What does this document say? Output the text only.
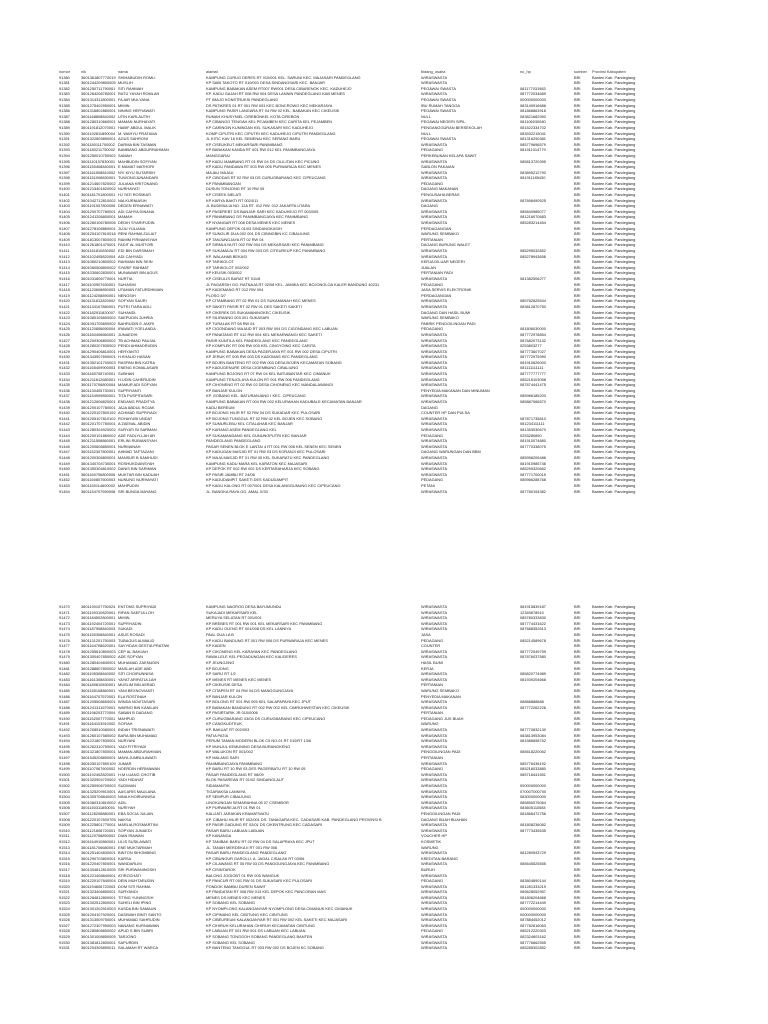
nomor	nik	nama	alamat	bidang_usaha	no_hp	sumber	Provinsi Kabupaten
91380	3601361807770019	SHIHABUDIN ROMLI	KAMPUNG CURUG DERES RT 010/001 KEL. SARUNI KEC. MAJASARI PANDEGLANG	WIRASWASTA		BRI	Banten Kab. Pandeglang
91381	3601244209800005	MUSLIH	KP SABI TAKOTO RT 010/001 DESA SINDANGSARI KEC. BANJAR	WIRASWASTA		BRI	Banten Kab. Pandeglang
91382	3601250711790001	SITI RAHMAH	KAMPUNG BABAKAN ASEM RT007 RW001 DESA CIBARENOK KEC. KADUHEJO	PEGAWAI SWASTA	081177031983	BRI	Banten Kab. Pandeglang
91383	3601264206780001	RATU YAYAH ROMLAH	KP. KADU GAJAH RT 008 RW 004 DESA LANNIN PANDEGLANG KAB MENES	WIRASWASTA	087772034689	BRI	Banten Kab. Pandeglang
91384	3601314311800001	FAJAR MULYANA	PT IMAJO KONSTRUKSI PANDEGLANG	PEGAWAI SWASTA	000000000000	BRI	Banten Kab. Pandeglang
91385	3601275402950001	MIMIN	DS PATIKRES 01 RT 001 RW 003 KEC BONCROWO KEC MEKARJAYA	IBU RUMAH TANGGA	083149916686	BRI	Banten Kab. Pandeglang
91386	3601316802880001	NINING HERYAWATI	KAMPUNG PASIR LANGARA RT 04 RW 02 KEL. BABAKAN KEC CIKEUSIK	PEGAWAI SWASTA	081868863918	BRI	Banten Kab. Pandeglang
91387	3601168808840002	UTIN KARLAUTIH	RUMAH KHUSYNIEL CIREBONKEL KOTA CIREBON	NULL	083821682950	BRI	Banten Kab. Pandeglang
91388	3601280310660001	MAMAN NURHAYATI	KP CIBANGO TENGAH KEL PEJAMBEN KEC CARITA KEL PEJAMBEN	PEGAWAI NEGERI SIPIL	081106030080	BRI	Banten Kab. Pandeglang
91389	3601191812070001	HABIF ABDUL MALIK	KP CARINGIN KUNINGAN KEL SUKASARI KEC KADUHEJO	PENGANGGURAN BERSEKOLAH	081522334702	BRI	Banten Kab. Pandeglang
91390	3601192811890004	M. WAHYU PRATAMA	KOMP CIPUTRI KEC CIPUTRI KEC KADUHEJO CIPUTRI PANDEGLANG	NULL	083932215041	BRI	Banten Kab. Pandeglang
91391	3601322809890001	AGUS SAHRONI	JL KITIC KAV 16 KEL SEMENAI KEC SERANG BARU	PEGAWAI SWASTA	081316290381	BRI	Banten Kab. Pandeglang
91392	3601180111700002	DARMA BIN TASMAN	KP CISEUKEUT MEKARSARI PANIMBANG	WIRASWASTA	085779696579	BRI	Banten Kab. Pandeglang
91393	3601180211750002	BAMBANG ABDURRAHMAN	KP BABAKAN KANDA RT 001 RW 012 KEL PANIMBANGJAYA	PEDAGANG	081911014779	BRI	Banten Kab. Pandeglang
91394	3601250010750002	SAMAH	MANGGARAI	PERKEBUNAN KELAPA SAWIT		BRI	Banten Kab. Pandeglang
91395	3601110107830001	MAHBUDIN SOFIYAN	KP KADU MAMBANG RT 01 RW 04 DS CILILITAN KEC PICUNG	WIRASWASTA	085813720395	BRI	Banten Kab. Pandeglang
91396	3601150408840001	E MAMAT MATHORI	KP KADU PANDAWA RT 003 RW 005 PURWARAJA KEC MENES	SABLON PAKAIAN		BRI	Banten Kab. Pandeglang
91397	3601161508810002	NYI KIYU SUTARSIH	MAJAU MAJAU	WIRASWASTA	083895212790	BRI	Banten Kab. Pandeglang
91398	3601151008830001	TUWONGJUNANDARI	KP CIBODAS RT 02 RW 03 DS CURUGBARANG KEC CIPEUCANG	WIRASWASTA	081911185430	BRI	Banten Kab. Pandeglang
91399	3601214607820002	JULIANA KRITONANG	KP PANIMBANGAN	PEDAGANG		BRI	Banten Kab. Pandeglang
91400	3601215401820002	NURHAYATI	DUSUN TONJONG RT 10 RW 05	DAGANG MAKANAN		BRI	Banten Kab. Pandeglang
91401	3601181701800001	HJ TATI ROSMIATI	KP CISEEK MELATI	PENGUSAHA BERAS		BRI	Banten Kab. Pandeglang
91402	3601042712810002	NIA KURNIASIH	KP KARYA BAKTI RT 002/011	WIRASWASTA	087898490525	BRI	Banten Kab. Pandeglang
91403	3601191007800006	DEDEN ERNAWATI	JL BUDIMULIA NO. 12A RT. 012 RW. 012 JAKARTA UTARA	DAGANG		BRI	Banten Kab. Pandeglang
91404	3601200707780001	ADI CAHYA DINANA	KP PASEREBT DS BANJAR SARI KEC KADUHEJO RT 003/005	WIRASWASTA	085840985077	BRI	Banten Kab. Pandeglang
91405	3601241206800001	MAMAH	KP PANIMBANG DS PANIMBANGJAYA KEC PANIMBANG	WIRASWASTA	081216070683	BRI	Banten Kab. Pandeglang
91406	3601260106780006	DEDIH SYARIFUDIN	KP NYANGAR RT 008 DESA MENES KEC MENES	WIRASWASTA	085283214454	BRI	Banten Kab. Pandeglang
91407	3601278106860001	JUJU YULIANA	KAMPUNG DEPOK 01/03 SINDANGKASIH	PERDAGANGAN		BRI	Banten Kab. Pandeglang
91408	3601204107810018	RENI RAHMA ZULAIT	KP SUNGLIR DUA 002 001 DS CIBINGBIN KC CIBALIUNG	WARUNG SEMBAKO		BRI	Banten Kab. Pandeglang
91409	3601813007800003	RAMIM FIRMANSYAH	KP TANJUNGJAYA RT 02 RW 04	PERTANIAN		BRI	Banten Kab. Pandeglang
91410	3601261801470001	FADIT AL MUSTORI	KP SIRMULYA RT 002 RW 004 DS MEKARSARI KEC PANIMBANG	DAGANG BURUNG WALET		BRI	Banten Kab. Pandeglang
91411	3601161810830002	EDI BIN DARSIMAH	KP SUKAMAJU RT 004 RW 003 DS CITEUREUP KEC PANIMBANG	WIRASWASTA	085295032852	BRI	Banten Kab. Pandeglang
91412	3601102405820004	ADI CAHYADI	KP. WALAHAB BEKASI	WIRASWASTA	085278943656	BRI	Banten Kab. Pandeglang
91413	3601060210800002	RAHMAN BIN SEIN	KP TARIKOLOT	KERJA DILUAR NEGERI		BRI	Banten Kab. Pandeglang
91414	3601060506800002	SYARIF RAHMAT	KP TARIKOLOT 002/002	JUALAN		BRI	Banten Kab. Pandeglang
91415	3601030602830001	MUNAWAR BIN AGUS	KP KEUSIK 003/002	PERTANIAN PADI		BRI	Banten Kab. Pandeglang
91416	3601031806770001	NURTIA	KP CISEULIS BARAT RT 011/8	WIRASWASTA	081382506277	BRI	Banten Kab. Pandeglang
91417	3601100907630001	SUHASIM	JL PAGARSIH GG. RATNAJA RT 02/08 KEL. JAMIKA KEC BOJONGLOA KALER BANDUNG 40231	PEDAGANG		BRI	Banten Kab. Pandeglang
91418	3601120608850003	UTAMAN FATURDHIMAN	KP KADEMANG RT 012 RW 004	JASA SERVIS ELEKTRONIK		BRI	Banten Kab. Pandeglang
91419	3601124208890001	NENGSIH	PLOSO 3/7	PERDAGANGAN		BRI	Banten Kab. Pandeglang
91420	3601131812820002	SOFYAN SAURI	KP CITAMBANG RT 02 RW 01 DS SUKAMANAH KEC MENES	WIRASWASTA	085782825544	BRI	Banten Kab. Pandeglang
91421	3601134107880001	PUTRI TIARA ADLI	KP SAKETI PASIR RT 02 RW 01 DES SAKETI SAKETI	WIRASWASTA	083812870750	BRI	Banten Kab. Pandeglang
91422	3601182911820007	SUHANDI	KP CIKEREK DS SUKAMANINGKEC CIKEUSIK	DAGANG DAN HASIL BUMI		BRI	Banten Kab. Pandeglang
91423	3601060105800002	SAEPUDIN JUHRIA	KP SILIRANNG 003 001 SUKASARI	WARUNG SEMBAKO		BRI	Banten Kab. Pandeglang
91424	3601091705690002	BAHRUDIN E.JAKRI	KP TURALAK RT 08 RW 04	PABRIK PENGGILINGAN PADI		BRI	Banten Kab. Pandeglang
91425	3601120806690004	IRAWATI YOELANDA	KP CIGONDANG MAJAID RT 003 RW 004 DS CIGONDANG KEC LABUAN	PEDAGANG	081806030000	BRI	Banten Kab. Pandeglang
91426	3601160406660001	JUNAEDHI	KP PANATANG RT 012 RW 004 KEL MEKARWANGI KEC SAKETI	WIRASWASTA	087772978854	BRI	Banten Kab. Pandeglang
91427	3601200306800002	TB ACHMAD PAUJAL	PASIR KUNTILA KEL PANDEGLANG KEC PANDEGLANG	WIRASWASTA	087682073132	BRI	Banten Kab. Pandeglang
91428	3601280207830002	PENDI AHMADRUDIN	KP KOMPLEK RT 006 RW 003 KEL CINGYOING KEC CARITA	WIRASWASTA	0253803277	BRI	Banten Kab. Pandeglang
91429	3601290406810001	HERYANTO	KAMPUNG BABAKAN DESA PAGERJAYA RT 001 RW 002 DESA CIPUTRI	WIRASWASTA	087773607027	BRI	Banten Kab. Pandeglang
91430	3601343507690001	H.KHALID HASAN	KP JERUK RT 005 RW 003 DS KADOMAS KEC PANDEGLANG	WIRASWASTA	087772975990	BRI	Banten Kab. Pandeglang
91431	3601352101700003	RASPAN BIN KATRA	KP BOJEN BANTENG RT 002 RW 003 DESA BOJEN KECAMATAN SOBANG	WIRASWASTA	081910626000	BRI	Banten Kab. Pandeglang
91432	3601165409900003	ENENG KOMALASARI	KP KADUGENURE DESA CIGEMBUNG CIBALIUNG	WIRASWASTA	081111111111	BRI	Banten Kab. Pandeglang
91433	3601160708740001	SUBHAN	KAMPUNG BOJONG RT 07 RW 04 KEL BATUBANTAR KEC CIMANUK	WIRASWASTA	087777777777	BRI	Banten Kab. Pandeglang
91434	3601211612680001	H.UDIN CAHERUDIN	KAMPUNG TENJOLAYA KULON RT 001 RW 006 PANDEGLANG	WIRASWASTA	085216103058	BRI	Banten Kab. Pandeglang
91435	3601170706800004	MAMUR ADI SOFYAN	KP CIHONENG RT 02 RW 02 DESA CIHONENG KEC MANDALAWANGI	WIRASWASTA	087874441475	BRI	Banten Kab. Pandeglang
91436	3601130405730001	SUPRIYANTI	KP BANJAR KULON	PENYEDIA MAKANAN DAN MINUMAN		BRI	Banten Kab. Pandeglang
91437	3601154909850001	TITA PUSPITASARI	KP. GOBANG KEL. BATURANJANG I KEC. CIPEUCANG	WIRASWASTA	085966185200	BRI	Banten Kab. Pandeglang
91438	3601212606820001	ENDANG PRADITYA	KAMPUNG BABAKAN RT 004 RW 002 KELURAHAN KADUBALE KECAMATAN BANJAR	WIRASWASTA	085887066570	BRI	Banten Kab. Pandeglang
91439	3601200107780001	JAJA ABDUL ROJAK	KADU BEREUM	DAGANG		BRI	Banten Kab. Pandeglang
91440	3601220107800192	ACHMAD SUPRIYADI	KP BOJONG HILIR RT 02 RW 04 DS SUKADAR KEC PULOSARI	COUNTER HP DAN PULSA		BRI	Banten Kab. Pandeglang
91441	3601205107810102	ROHAYUBI UNDAT	KP BOJONG TUNGGUL RT 02 RW 02 KEL BOJEN KEC SOBANG	WIRASWASTA	087871735810	BRI	Banten Kab. Pandeglang
91442	3601201707780001	A ZAENAL ABIDIN	KP SUMURLEBU KEL CITALAHAB KEC BANJAR	WIRASWASTA	081234111111	BRI	Banten Kab. Pandeglang
91443	3601280304920002	SURYATI BI SARMAN	KP KARANG ASEM PANDEGLANG KEL	WIRASWASTA	081353030670	BRI	Banten Kab. Pandeglang
91444	3601200101860002	ADE FADLYLLAH AR	KP SUKAMANDANG KEL GUNUNGPUTRI KEC BANJAR	PEDAGANG	0253280890	BRI	Banten Kab. Pandeglang
91445	3601211508860001	ERLINI RUBIANSYAH	PANDEGLANG PANDEGLANG	WIRASWASTA	081910074880	BRI	Banten Kab. Pandeglang
91446	3601200606850001	NURMANAH	PASAR SENEN BLOK E LANTAI 4 RT 001 RW 006 KEL SENEN KEC SENEN	WIRASWASTA	087770338075	BRI	Banten Kab. Pandeglang
91447	3601152307800001	AHMAD TAFTAZANI	KP KADUGAN MASJID RT 01 RW 03 DS KORANJI KEC PULOSARI	DAGANG WARUNGAN DAN BBM		BRI	Banten Kab. Pandeglang
91448	3601200306800001	MANSUR B SAMHUDI	KP MAJA MASJID RT 01 RW 05 KEL SUKARATU KEC PANDEGLANG	WIRASWASTA	085956206486	BRI	Banten Kab. Pandeglang
91449	3601340704730001	ROSHUKDIANSYAH	KAMPUNG KADU MARA KEL KARATON KEC MAJASARI	WIRASWASTA	081910985746	BRI	Banten Kab. Pandeglang
91450	3601350304810002	DANIS BIN SARIMAN	KP DEPOK RT 002 RW 002 DS KERTARAHARJA KEC SOBANG	WIRASWASTA	085259320662	BRI	Banten Kab. Pandeglang
91451	3601160706800006	MUKTAR BIN KADUAH	KP PASIR JAMBU RT 24/06	WIRASWASTA	087771700015	BRI	Banten Kab. Pandeglang
91452	3601160807600003	NUNUNG NURHAYATI	KP KADUDAMPIT SAKETI DES KADUDAMPIT	PEDAGANG	085966288768	BRI	Banten Kab. Pandeglang
91453	3601150114600002	MAHPUDIN	KP KADU KALONG RT 007/001 DESA KALANGGUNUNG KEC CIPEUCANG	PETANI		BRI	Banten Kab. Pandeglang
91454	3601154707590008	SRI BUNGA MAYANG	JL. BANGKA RAYA GG. AMAL X/33	WIRASWASTA	087780194382	BRI	Banten Kab. Pandeglang
91470	3601190107750024	ENTONG SUPRIYADI	KAMPUNG NAGROG DESA BAYUMUNDU	WIRASWASTA	081915839187	BRI	Banten Kab. Pandeglang
91471	3601190310820001	RIFAN SAEFULLOH	SUKAJADI MEKARSARI KEL	WIRASWASTA	12345678910	BRI	Banten Kab. Pandeglang
91472	3601184502800001	MIMIN	MERUYA SELATAN RT 001/001	WIRASWASTA	085780333830	BRI	Banten Kab. Pandeglang
91473	3601192404720001	SUPRIYADIN	KP BREBES RT 001 RW 001 KEL MEKARSARI KEC PANIMBANG	WIRASWASTA	087774431622	BRI	Banten Kab. Pandeglang
91474	3601187908840003	SUKADI	KP KADU OLENG RT 001/008 DS KEL LANNIYA	WIRASWASTA	087688352613	BRI	Banten Kab. Pandeglang
91475	3601150308840001	ASUS ROSADI	PAAL DUA LA B	JASA		BRI	Banten Kab. Pandeglang
91476	3601131201750003	TUBAGUS ALWALID	KP KADU BANDUNG RT 001 RW 006 DS PURWARAJA KEC MENES	PEDAGANG	085214589678	BRI	Banten Kab. Pandeglang
91477	3601164708620001	SAYYIDAH DESTIA PRATIWI	KP KADEN	COUNTER		BRI	Banten Kab. Pandeglang
91478	3601255610800003	CEP AL BAHJAH	KP CIKONENG KEL KARAYAN KEC PANDEGLANG	WIRASWASTA	087772049759	BRI	Banten Kab. Pandeglang
91479	3601300407850002	ADE SOFYAN	RAWA LELE KEL PEGADUNGAN KEC KALIDERES	WIRASWASTA	087876037580	BRI	Banten Kab. Pandeglang
91480	3601280404840001	MUHAMAD ZAENUDIN	KP JEUNGJING	HASIL BUMI		BRI	Banten Kab. Pandeglang
91481	3601288607800002	MASLAH ADE ABD	KP BOJONG	KERJA		BRI	Banten Kab. Pandeglang
91482	3601195308840002	SITI CHOIRUNNISA	KP SARIJ RT 1/2	WIRASWASTA	085820774989	BRI	Banten Kab. Pandeglang
91483	3601161308830001	YAYAT ARIFATULLAH	KP MENES RT MENES KEC MENES	WIRASWASTA	081939204668	BRI	Banten Kab. Pandeglang
91484	3601180810830001	MUSLIM BIN ASRAD	KP CIKEUSIK DESA	PERTANIAN		BRI	Banten Kab. Pandeglang
91485	3601155108860001	YANI BEXNOVIANTI	KP CITAPEN RT 04 RW 04 DS MANGGUNGJAYA	WARUNG SEMBAKO		BRI	Banten Kab. Pandeglang
91486	3601164707570001	ELA ROSTINAH	KP BANJAR KULON	PENYEDIA MAKANAN		BRI	Banten Kab. Pandeglang
91487	3601205508650001	WINDA NOVITASARI	KP BOLONG RT 001 RW 005 KEL SALAPAPAYA KEC JPUT	WIRASWASTA	08888888888	BRI	Banten Kab. Pandeglang
91488	3601241311670001	WARNO BIN KANILAN	KP BABAKAN BANDUNG RT 002 RW 002 KEL CIMRUHWESTAN KEC CIKEUSIK	WIRASWASTA	087772262226	BRI	Banten Kab. Pandeglang
91489	3601196203770004	SABAN B DADANG	KP PASIRTARIK JR 010/0006	PERTANIAN		BRI	Banten Kab. Pandeglang
91490	3601152007770001	MAHPUD	KP CURUGBARANG 03/04 DS CURUGBARANG KEC CIPEUCANG	PEDAGANG JUS BUAH		BRI	Banten Kab. Pandeglang
91491	3601164103910002	SOFIAH	KP CANGKUDTEUK	WARUNG		BRI	Banten Kab. Pandeglang
91492	3601208510080001	INDAH TRISNAWATI	KP. BAKUAT RT 002/003	WIRASWASTA	087770832130	BRI	Banten Kab. Pandeglang
91493	3601260107580002	BARA BIN MUHAMAD	PATIA PATIA	WIRASWASTA	083813953084	BRI	Banten Kab. Pandeglang
91494	3601221807830001	NURYANI	PERUM TAMAN MODERN BLOK C5 NO.01 RT 010/RT 13/6	WIRASWASTA	081586698752	BRI	Banten Kab. Pandeglang
91495	3601262310750001	YADI FITRIYADI	KP MUNJUL KEMUNING DESA BURANGKENG	WIRASWASTA		BRI	Banten Kab. Pandeglang
91496	3601321807800001	MAMAN ABDURAHMAN	KP WALUKON RT 001/002	PENGGILINGAN PADI	085618220062	BRI	Banten Kab. Pandeglang
91497	3601545208850001	MAYA JUMBULAWATI	KP MALANG SARI	PERTANIAN		BRI	Banten Kab. Pandeglang
91498	3601050107890109	JUMAR	PANIMBANGJAYA PANIMBANG	WIRASWASTA	085776436192	BRI	Banten Kab. Pandeglang
91499	3601107067600002	NOERDIN HERMAWAN	KP BARU RT 10 RW 03 DES PAGERBATU RT 10 RW 05	PEDAGANG	085216033880	BRI	Banten Kab. Pandeglang
91500	3601192402820001	H.M LUANG CHOTIB	PASAR PANDEGLANG RT 08/09	WIRASWASTA	085716441551	BRI	Banten Kab. Pandeglang
91501	3601320904720002	YADI HIDAYAT	BLOK PASAREAN RT 01/02 SINDANGLAUT	WIRASWASTA		BRI	Banten Kab. Pandeglang
91502	3601250906700003	SUDIMAN	SIDAMANTIK	WIRASWASTA	000000000000	BRI	Banten Kab. Pandeglang
91503	3601325209910001	AAS ARIS MAULANA	TIGARAKSA LANNIYA	WIRASWASTA	07000T000700	BRI	Banten Kab. Pandeglang
91504	3601305708840003	NINA KHOIRUNNISA	KP SEMPUR CIBALIUNG	WIRASWASTA	083000000000	BRI	Banten Kab. Pandeglang
91505	3601060310810002	ADIL	LINGKUNGAN SEMARAHNA 05 07 CSEMBOR	WIRASWASTA	085850075064	BRI	Banten Kab. Pandeglang
91506	3601150311850001	NURIYAH	KP PURWAREJA RT 01 RW 01	WIRASWASTA	083605110584	BRI	Banten Kab. Pandeglang
91507	3601126208880001	EBA SOCIA JULIAN	KALIJATI JARAKAN KRAMATWATU	PENGGILINGAN PADI	081866472756	BRI	Banten Kab. Pandeglang
91508	3601220107600705	NAKSA	KP. CIBAHU HILIR RT 002/001 DS. TANAGARA KEC. CADASARI KAB. PANDEGLANG PROVINSI B	DAGANG BUAH BUAHAN		BRI	Banten Kab. Pandeglang
91509	3601225801770001	MARLIA ROSMARTINI	KP PASIR GADUNG RT 02/01 DS CIKENTRUNG KEC CADASARI	WIRASWASTA	081808236082	BRI	Banten Kab. Pandeglang
91510	3601121608720001	SOPYAN JUNAEDI	PASAR BARU LABUAN LABUAN	WIRASWASTA	087773435535	BRI	Banten Kab. Pandeglang
91511	3601120708890002	DIAN IRAWAN	KP KANANGA	VOUCHER HP		BRI	Banten Kab. Pandeglang
91512	3601164910860001	LILIS SUSILAWATI	KP TANIBAK BARU RT 02 RW 04 DS SALAPRAYA KEC JPUT	KOSMETIK		BRI	Banten Kab. Pandeglang
91513	3601181706680001	ENE MUKTARMAH	JL. TANAH MERDEKA II RT 001 RW 006	WARUNG		BRI	Banten Kab. Pandeglang
91514	3601251404830001	BINTON SIHOMBING	PASAR BARU PANDEGLANG PANDEGLANG	WIRASWASTA	081280543729	BRI	Banten Kab. Pandeglang
91515	3601290703800001	KARSA	KP CIBUNGUR GAROLLI, A. JAGAL CISALAK RT 03/06	KREDITAN BARANG		BRI	Banten Kab. Pandeglang
91516	3601220407800001	WANDARLIM	KP CILAWANG RT 05 RW 03 DS PANGGUNGJAYA KEC PANIMBANG	WIRASWASTA	085645525555	BRI	Banten Kab. Pandeglang
91517	3601304812810005	SRI PURWANINGSIH	KP CISINTAROK	BURUH		BRI	Banten Kab. Pandeglang
91518	3601221408840001	ATIROCHATI	BALONG JOGIOBT 01 RW 005 WANGUK	WIRASWASTA		BRI	Banten Kab. Pandeglang
91519	3601220107840004	DEIN MUHTARUDIN	KP PANCUR RT 001 RW 01 DS SUKASARI KEC PULOSARI	PEDAGANG	083804890144	BRI	Banten Kab. Pandeglang
91520	3601194606720003	DOM SITI RAHMA	PONDOK BAMBU DUREN SAWIT	WIRASWASTA	081281333219	BRI	Banten Kab. Pandeglang
91521	3601323406850001	SURYANDI	KP PANDATAN RT 008 RW 013 KEL DEPOK KEC PANCORAN MAS	WIRASWASTA	089628052957	BRI	Banten Kab. Pandeglang
91522	3601284812800001	TITING YUNINGSIH	MENES DS MENES KEC MENES	WIRASWASTA	081806204668	BRI	Banten Kab. Pandeglang
91523	3601302512800001	SUHELI BIN IPING	KP SOBANG KEL SOBANG	WIRASWASTA	087772214449	BRI	Banten Kab. Pandeglang
91524	3601301202910003	KASDA BIN SAMAUN	KP NYOMPLONG KALANGANYAR NYOMPLONG DESA CIMANUK KEC CIMANUK	WIRASWASTA	000000000000	BRI	Banten Kab. Pandeglang
91525	3601204107920001	DASIWAH BINTI SANTO	KP CIPINANG KEL CIBITUNG KEC CIBITUNG	WIRASWASTA	000000000000	BRI	Banten Kab. Pandeglang
91526	3601313509750001	MUHAMAD SAHRUDIN	KP CIBEUREUM KALANGANYAR RT 001 RW 002 KEL SAKETI KEC MAJASARI	WIRASWASTA	087884452012	BRI	Banten Kab. Pandeglang
91527	3601272307950003	NANANG KURNIAWAN	KP CIHIRUH KELURAHAN CIHIRUH KECAMATAN CIBITUNG	WIRASWASTA	087782616063	BRI	Banten Kab. Pandeglang
91528	3601280808850002	APUD S BIN SUBRI	KP LABUAN RT 001 RW 001 DS LABUAN KEC LABUAN	PEDAGANG	085212220303	BRI	Banten Kab. Pandeglang
91529	3601301008850005	TARJONO	KP SOBANG TONGGOH SOBANG PANDEGLANG BANTEN	WIRASWASTA	082324603162	BRI	Banten Kab. Pandeglang
91530	3601381812800001	SAPURDIN	KP SOBANG KEL SOBANG	WIRASWASTA	087776662555	BRI	Banten Kab. Pandeglang
91531	3601204305890011	SALAMAH RT WARCA	KP BANTENG TANGGUL RT 003 RW 002 DS BOJEN KC SOBANG	WIRASWASTA	085285302852	BRI	Banten Kab. Pandeglang
